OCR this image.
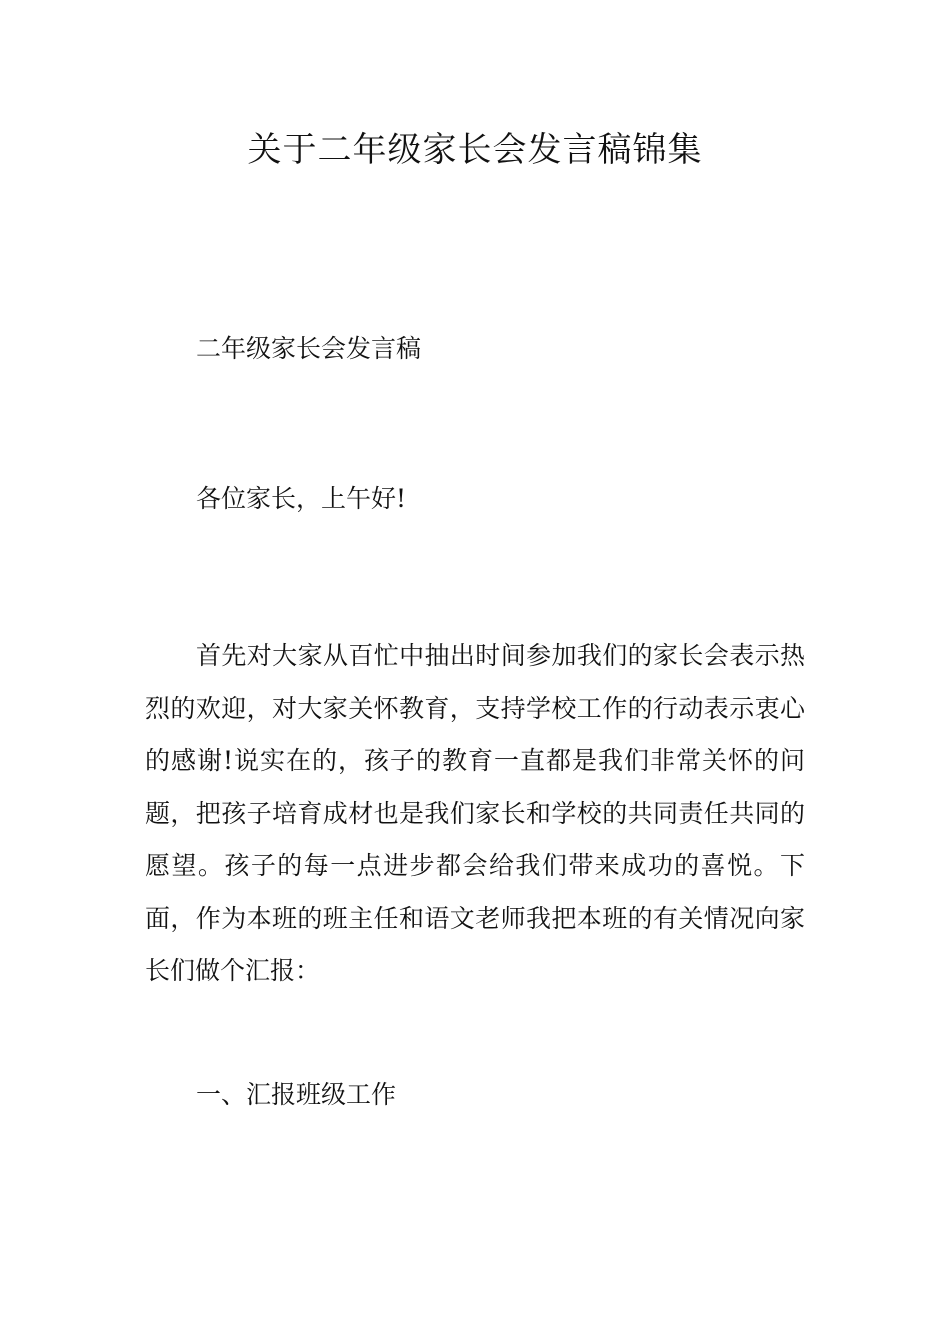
关于二年级家长会发言稿锦集

二年级家长会发言稿

各位家长，上午好!

首先对大家从百忙中抽出时间参加我们的家长会表示热烈的欢迎，对大家关怀教育，支持学校工作的行动表示衷心的感谢!说实在的，孩子的教育一直都是我们非常关怀的问题，把孩子培育成材也是我们家长和学校的共同责任共同的愿望。孩子的每一点进步都会给我们带来成功的喜悦。下面，作为本班的班主任和语文老师我把本班的有关情况向家长们做个汇报：

一、汇报班级工作
